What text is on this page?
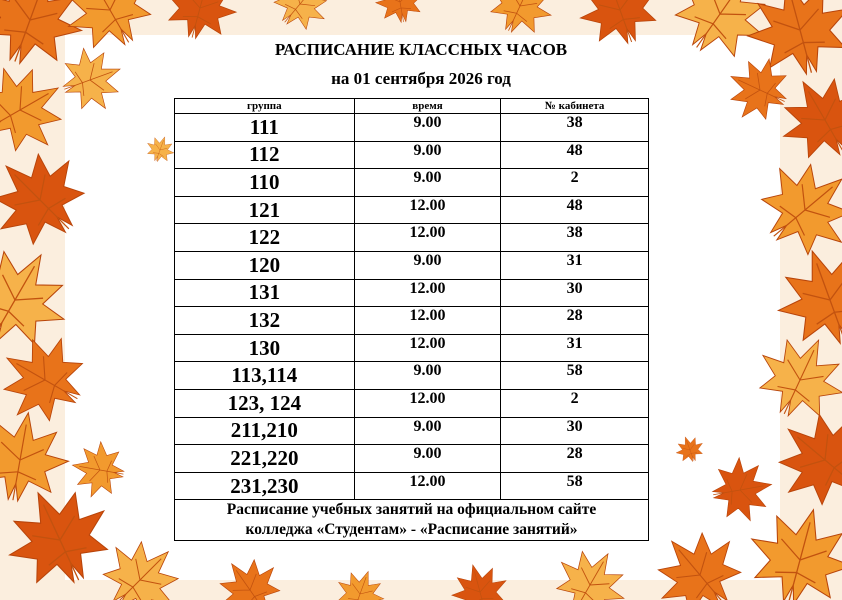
РАСПИСАНИЕ КЛАССНЫХ ЧАСОВ
на 01 сентября 2026 год
группа	время	№ кабинета
111	9.00	38
112	9.00	48
110	9.00	2
121	12.00	48
122	12.00	38
120	9.00	31
131	12.00	30
132	12.00	28
130	12.00	31
113,114	9.00	58
123, 124	12.00	2
211,210	9.00	30
221,220	9.00	28
231,230	12.00	58

Расписание учебных занятий на официальном сайте
колледжа «Студентам» - «Расписание занятий»		
